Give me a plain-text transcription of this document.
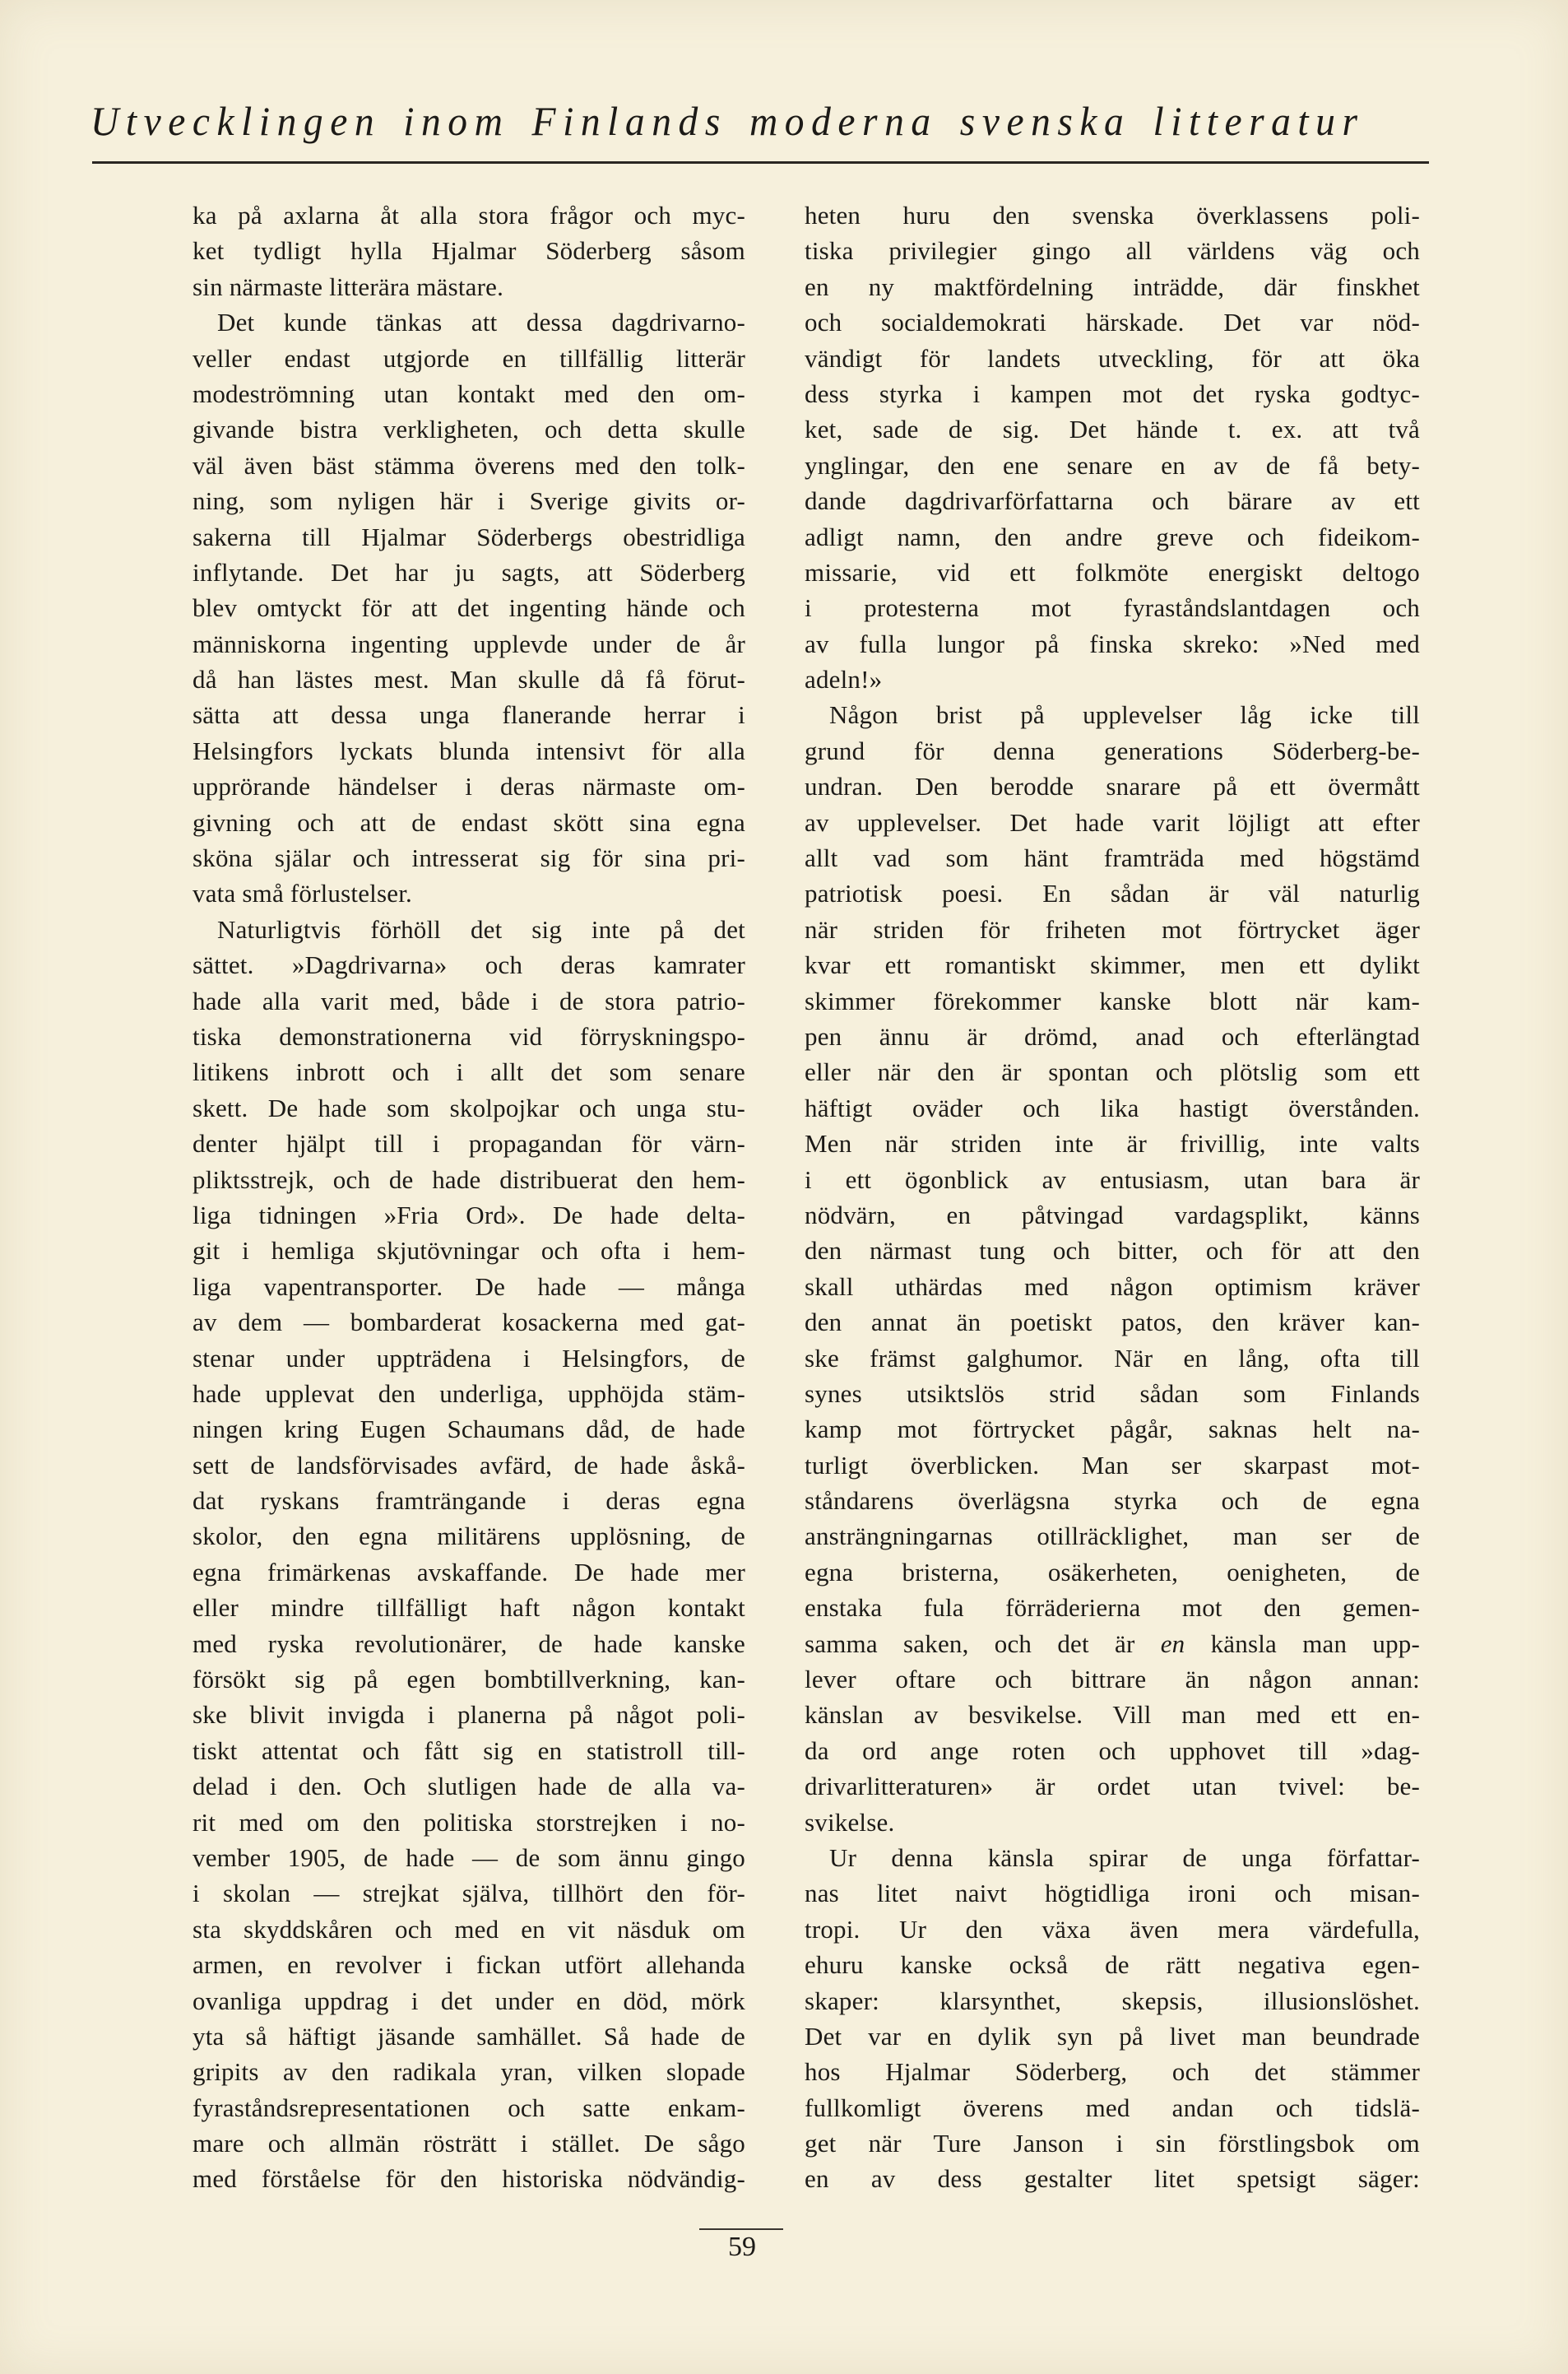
Utvecklingen inom Finlands moderna svenska litteratur
ka på axlarna åt alla stora frågor och myc-
ket tydligt hylla Hjalmar Söderberg såsom
sin närmaste litterära mästare.
Det kunde tänkas att dessa dagdrivarno-
veller endast utgjorde en tillfällig litterär
modeströmning utan kontakt med den om-
givande bistra verkligheten, och detta skulle
väl även bäst stämma överens med den tolk-
ning, som nyligen här i Sverige givits or-
sakerna till Hjalmar Söderbergs obestridliga
inflytande. Det har ju sagts, att Söderberg
blev omtyckt för att det ingenting hände och
människorna ingenting upplevde under de år
då han lästes mest. Man skulle då få förut-
sätta att dessa unga flanerande herrar i
Helsingfors lyckats blunda intensivt för alla
upprörande händelser i deras närmaste om-
givning och att de endast skött sina egna
sköna själar och intresserat sig för sina pri-
vata små förlustelser.
Naturligtvis förhöll det sig inte på det
sättet. »Dagdrivarna» och deras kamrater
hade alla varit med, både i de stora patrio-
tiska demonstrationerna vid förryskningspo-
litikens inbrott och i allt det som senare
skett. De hade som skolpojkar och unga stu-
denter hjälpt till i propagandan för värn-
pliktsstrejk, och de hade distribuerat den hem-
liga tidningen »Fria Ord». De hade delta-
git i hemliga skjutövningar och ofta i hem-
liga vapentransporter. De hade — många
av dem — bombarderat kosackerna med gat-
stenar under uppträdena i Helsingfors, de
hade upplevat den underliga, upphöjda stäm-
ningen kring Eugen Schaumans dåd, de hade
sett de landsförvisades avfärd, de hade åskå-
dat ryskans framträngande i deras egna
skolor, den egna militärens upplösning, de
egna frimärkenas avskaffande. De hade mer
eller mindre tillfälligt haft någon kontakt
med ryska revolutionärer, de hade kanske
försökt sig på egen bombtillverkning, kan-
ske blivit invigda i planerna på något poli-
tiskt attentat och fått sig en statistroll till-
delad i den. Och slutligen hade de alla va-
rit med om den politiska storstrejken i no-
vember 1905, de hade — de som ännu gingo
i skolan — strejkat själva, tillhört den för-
sta skyddskåren och med en vit näsduk om
armen, en revolver i fickan utfört allehanda
ovanliga uppdrag i det under en död, mörk
yta så häftigt jäsande samhället. Så hade de
gripits av den radikala yran, vilken slopade
fyraståndsrepresentationen och satte enkam-
mare och allmän rösträtt i stället. De sågo
med förståelse för den historiska nödvändig-
heten huru den svenska överklassens poli-
tiska privilegier gingo all världens väg och
en ny maktfördelning inträdde, där finskhet
och socialdemokrati härskade. Det var nöd-
vändigt för landets utveckling, för att öka
dess styrka i kampen mot det ryska godtyc-
ket, sade de sig. Det hände t. ex. att två
ynglingar, den ene senare en av de få bety-
dande dagdrivarförfattarna och bärare av ett
adligt namn, den andre greve och fideikom-
missarie, vid ett folkmöte energiskt deltogo
i protesterna mot fyraståndslantdagen och
av fulla lungor på finska skreko: »Ned med
adeln!»
Någon brist på upplevelser låg icke till
grund för denna generations Söderberg-be-
undran. Den berodde snarare på ett övermått
av upplevelser. Det hade varit löjligt att efter
allt vad som hänt framträda med högstämd
patriotisk poesi. En sådan är väl naturlig
när striden för friheten mot förtrycket äger
kvar ett romantiskt skimmer, men ett dylikt
skimmer förekommer kanske blott när kam-
pen ännu är drömd, anad och efterlängtad
eller när den är spontan och plötslig som ett
häftigt oväder och lika hastigt överstånden.
Men när striden inte är frivillig, inte valts
i ett ögonblick av entusiasm, utan bara är
nödvärn, en påtvingad vardagsplikt, känns
den närmast tung och bitter, och för att den
skall uthärdas med någon optimism kräver
den annat än poetiskt patos, den kräver kan-
ske främst galghumor. När en lång, ofta till
synes utsiktslös strid sådan som Finlands
kamp mot förtrycket pågår, saknas helt na-
turligt överblicken. Man ser skarpast mot-
ståndarens överlägsna styrka och de egna
ansträngningarnas otillräcklighet, man ser de
egna bristerna, osäkerheten, oenigheten, de
enstaka fula förräderierna mot den gemen-
samma saken, och det är en känsla man upp-
lever oftare och bittrare än någon annan:
känslan av besvikelse. Vill man med ett en-
da ord ange roten och upphovet till »dag-
drivarlitteraturen» är ordet utan tvivel: be-
svikelse.
Ur denna känsla spirar de unga författar-
nas litet naivt högtidliga ironi och misan-
tropi. Ur den växa även mera värdefulla,
ehuru kanske också de rätt negativa egen-
skaper: klarsynthet, skepsis, illusionslöshet.
Det var en dylik syn på livet man beundrade
hos Hjalmar Söderberg, och det stämmer
fullkomligt överens med andan och tidslä-
get när Ture Janson i sin förstlingsbok om
en av dess gestalter litet spetsigt säger:
59
